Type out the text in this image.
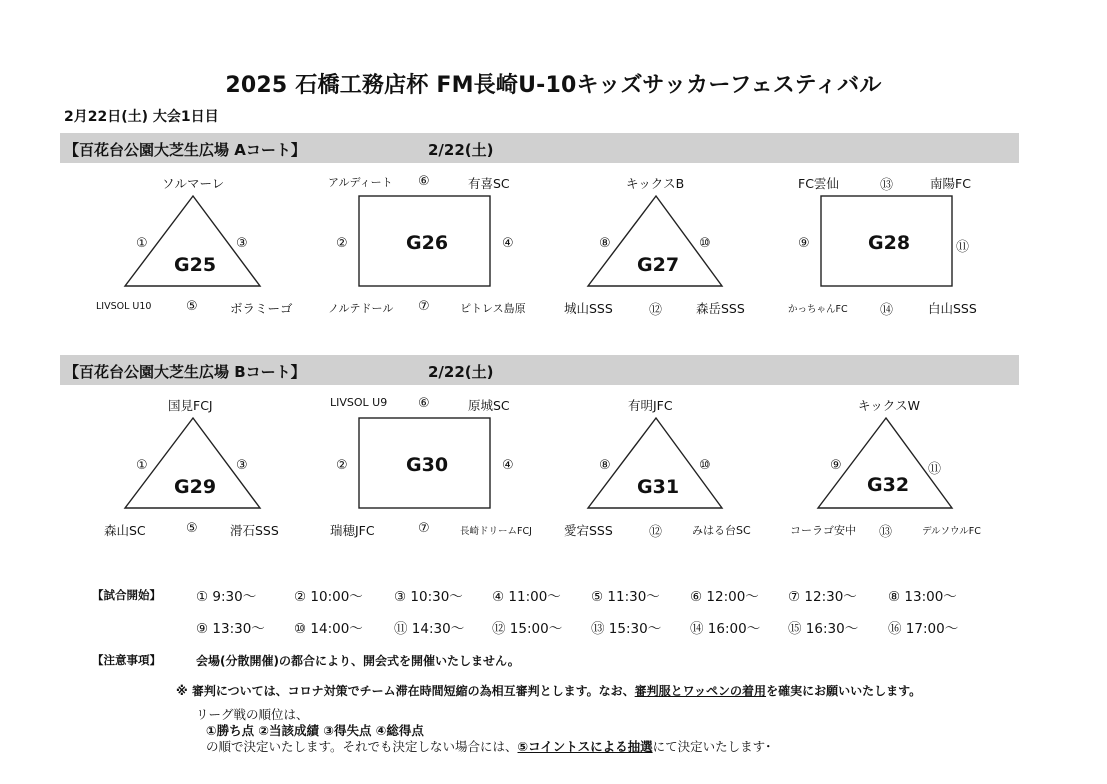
2025 石橋工務店杯 FM長崎U-10キッズサッカーフェスティバル
2月22日(土) 大会1日目
【百花台公園大芝生広場 Aコート】	2/22(土)
ソルマーレ
LIVSOL U10	ボラミーゴ
①	③
⑤
G25
アルディート	有喜SC
ノルテドール	ピトレス島原
⑥
②	④
⑦
G26
キックスB
城山SSS	森岳SSS
⑧	⑩
⑫
G27
FC雲仙	南陽FC
かっちゃんFC	白山SSS
⑬
⑨	⑪
⑭
G28
【百花台公園大芝生広場 Bコート】	2/22(土)
国見FCJ
森山SC	滑石SSS
①	③
⑤
G29
LIVSOL U9	原城SC
瑞穂JFC	長崎ドリームFCJ
⑥
②	④
⑦
G30
有明JFC
愛宕SSS	みはる台SC
⑧	⑩
⑫
G31
キックスW
コーラゴ安中	デルソウルFC
⑨	⑪
⑬
G32
【試合開始】	① 9:30～	② 10:00～ ③ 10:30～ ④ 11:00～ ⑤ 11:30～ ⑥ 12:00～ ⑦ 12:30～ ⑧ 13:00～
⑨ 13:30～ ⑩ 14:00～ ⑪ 14:30～ ⑫ 15:00～ ⑬ 15:30～ ⑭ 16:00～ ⑮ 16:30～ ⑯ 17:00～
【注意事項】	会場(分散開催)の都合により、開会式を開催いたしません。
※ 審判については、コロナ対策でチーム滞在時間短縮の為相互審判とします。なお、審判服とワッペンの着用を確実にお願いいたします。
リーグ戦の順位は、
①勝ち点 ②当該成績 ③得失点 ④総得点
の順で決定いたします。それでも決定しない場合には、⑤コイントスによる抽選にて決定いたします･
